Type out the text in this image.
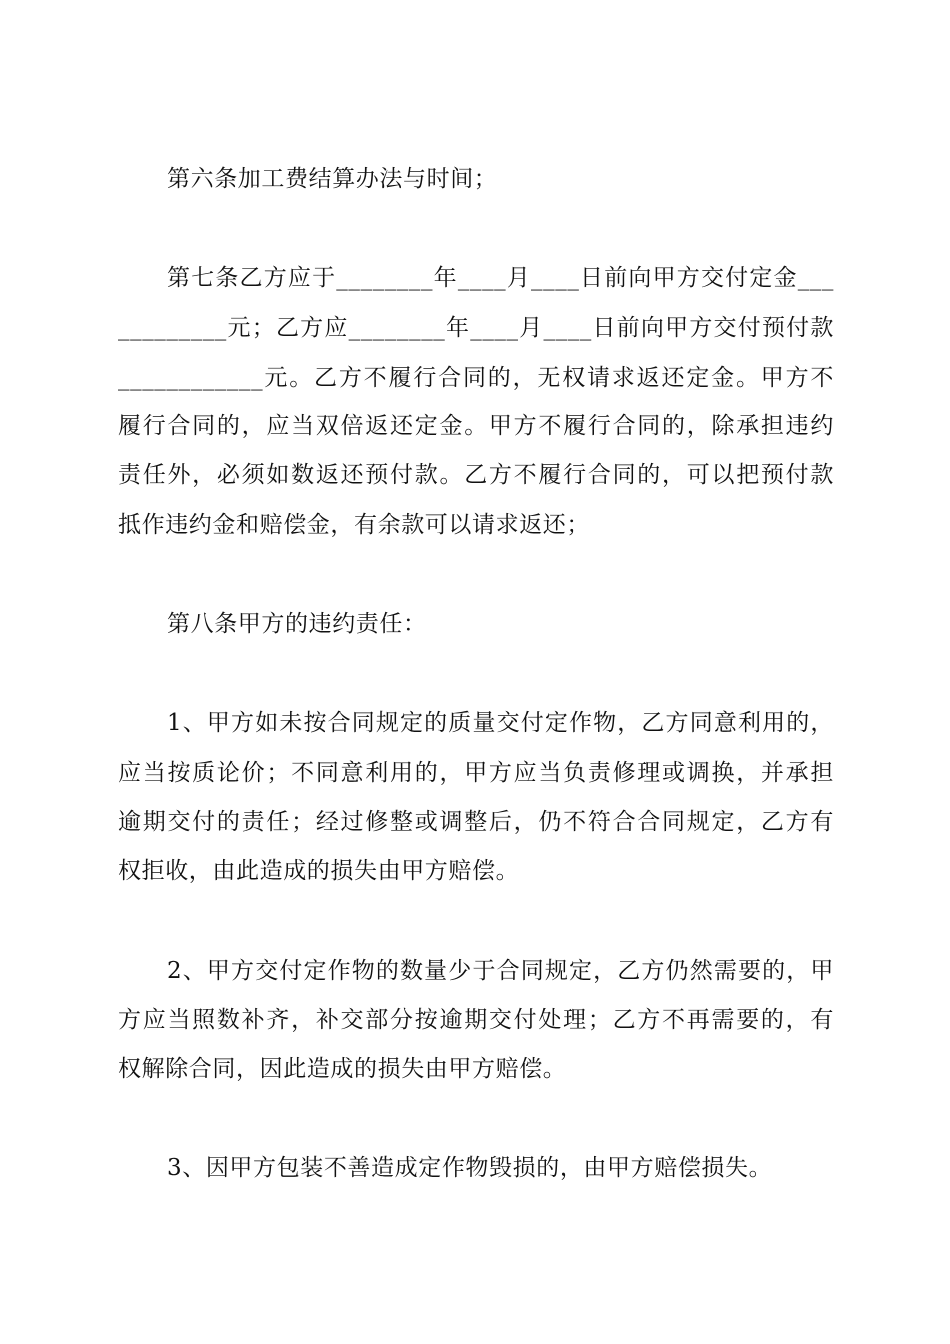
第六条加工费结算办法与时间；
第七条乙方应于________年____月____日前向甲方交付定金___
_________元；乙方应________年____月____日前向甲方交付预付款
____________元。乙方不履行合同的，无权请求返还定金。甲方不
履行合同的，应当双倍返还定金。甲方不履行合同的，除承担违约
责任外，必须如数返还预付款。乙方不履行合同的，可以把预付款
抵作违约金和赔偿金，有余款可以请求返还；
第八条甲方的违约责任：
1、甲方如未按合同规定的质量交付定作物，乙方同意利用的，
应当按质论价；不同意利用的，甲方应当负责修理或调换，并承担
逾期交付的责任；经过修整或调整后，仍不符合合同规定，乙方有
权拒收，由此造成的损失由甲方赔偿。
2、甲方交付定作物的数量少于合同规定，乙方仍然需要的，甲
方应当照数补齐，补交部分按逾期交付处理；乙方不再需要的，有
权解除合同，因此造成的损失由甲方赔偿。
3、因甲方包装不善造成定作物毁损的，由甲方赔偿损失。
